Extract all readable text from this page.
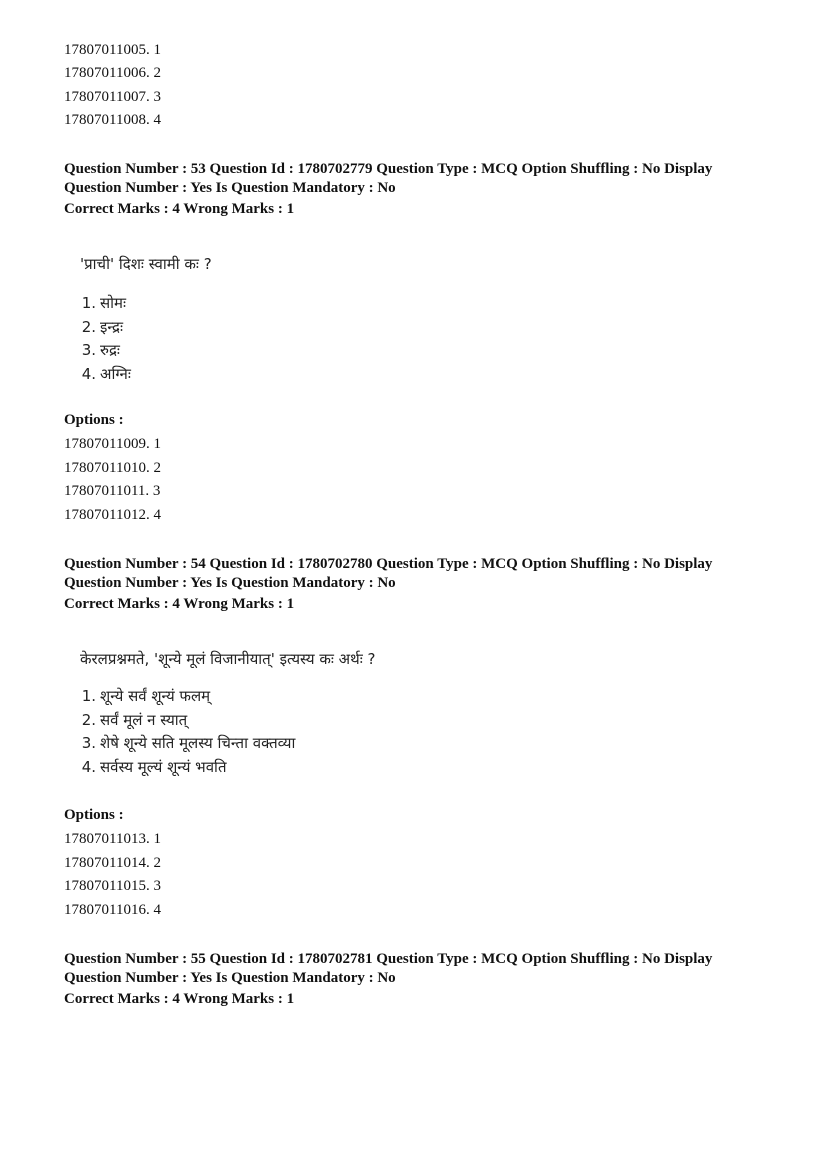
17807011005. 1
17807011006. 2
17807011007. 3
17807011008. 4
Question Number : 53 Question Id : 1780702779 Question Type : MCQ Option Shuffling : No Display
Question Number : Yes Is Question Mandatory : No
Correct Marks : 4 Wrong Marks : 1
'प्राची' दिशः स्वामी कः ?
1. सोमः
2. इन्द्रः
3. रुद्रः
4. अग्निः
Options :
17807011009. 1
17807011010. 2
17807011011. 3
17807011012. 4
Question Number : 54 Question Id : 1780702780 Question Type : MCQ Option Shuffling : No Display
Question Number : Yes Is Question Mandatory : No
Correct Marks : 4 Wrong Marks : 1
केरलप्रश्नमते, 'शून्ये मूलं विजानीयात्' इत्यस्य कः अर्थः ?
1. शून्ये सर्वं शून्यं फलम्
2. सर्वं मूलं न स्यात्
3. शेषे शून्ये सति मूलस्य चिन्ता वक्तव्या
4. सर्वस्य मूल्यं शून्यं भवति
Options :
17807011013. 1
17807011014. 2
17807011015. 3
17807011016. 4
Question Number : 55 Question Id : 1780702781 Question Type : MCQ Option Shuffling : No Display
Question Number : Yes Is Question Mandatory : No
Correct Marks : 4 Wrong Marks : 1
